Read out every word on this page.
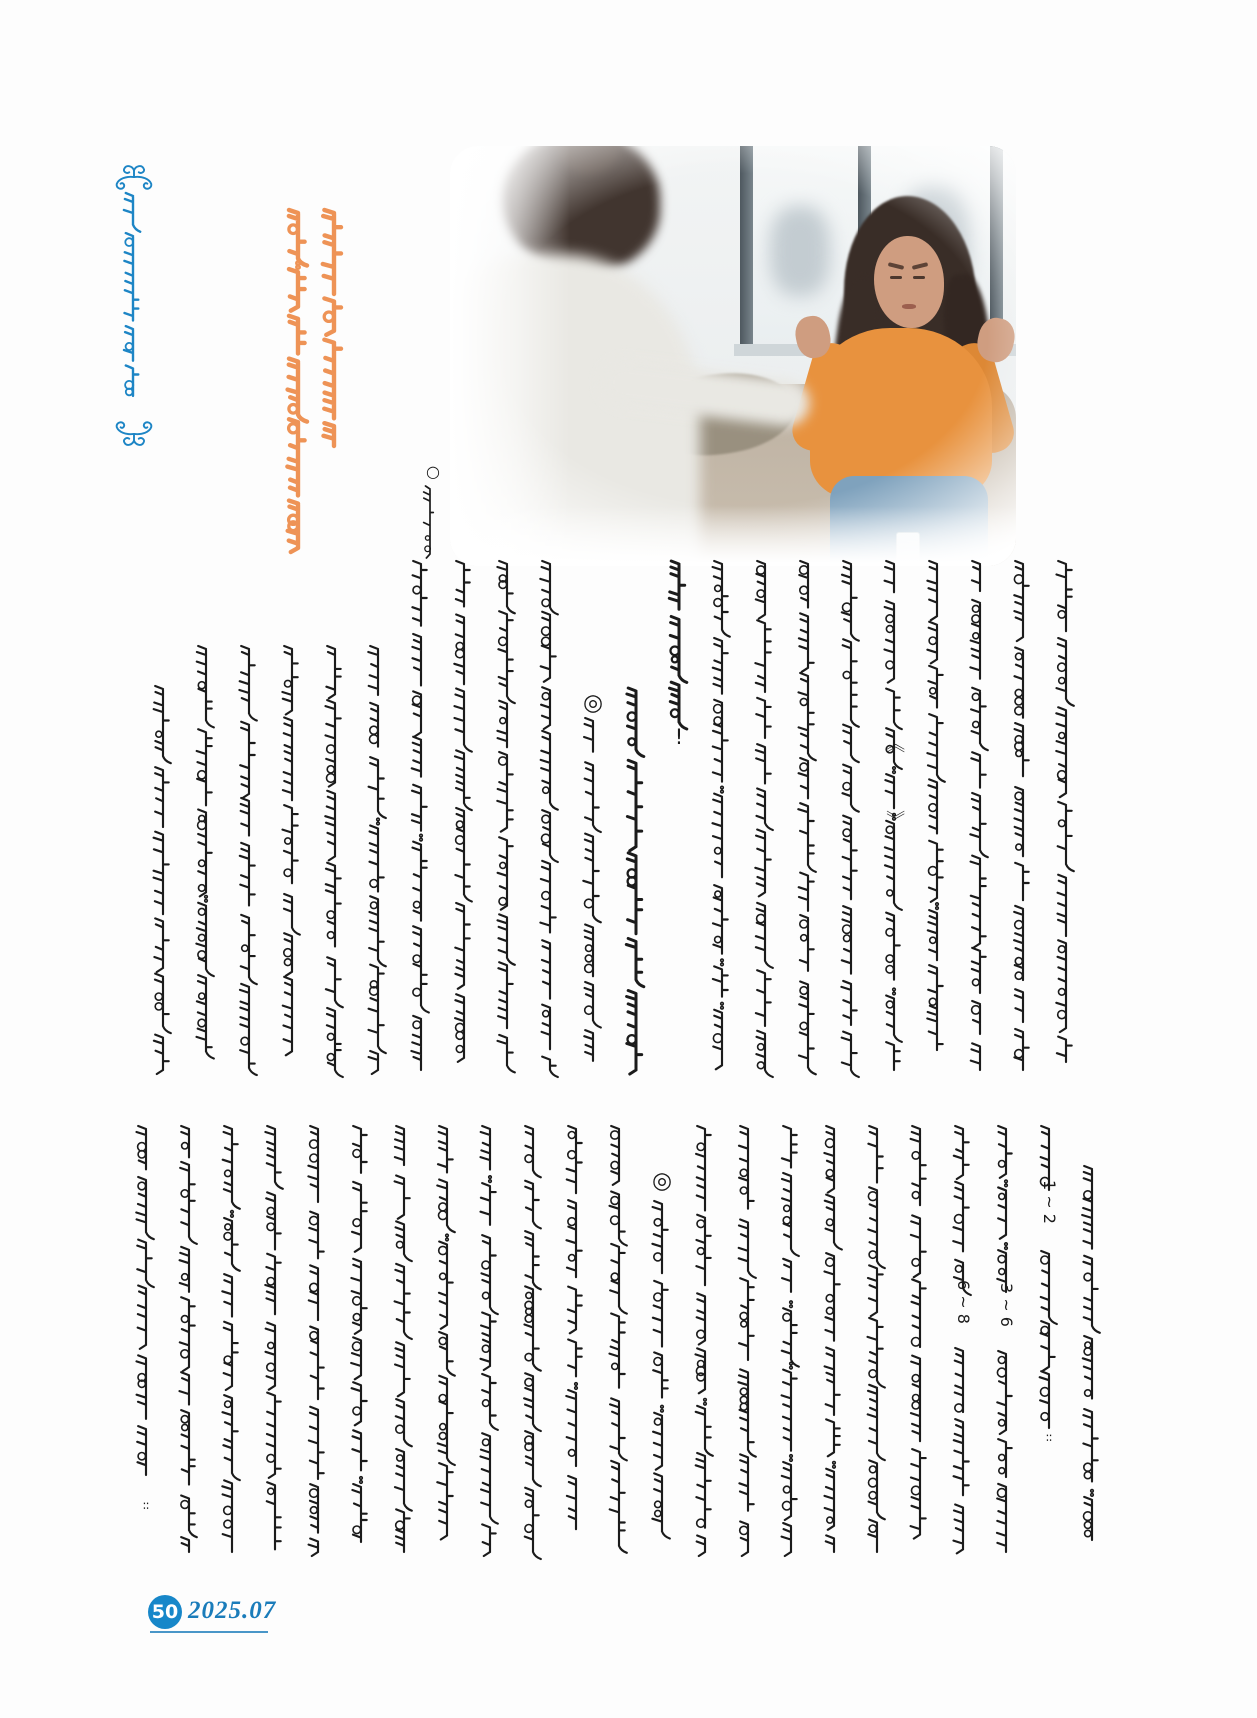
◎
◎
!	《
》
1 ~ 2
3 ~ 6
6 ~ 8
∶∶
∶∶
○
50 2025.07
